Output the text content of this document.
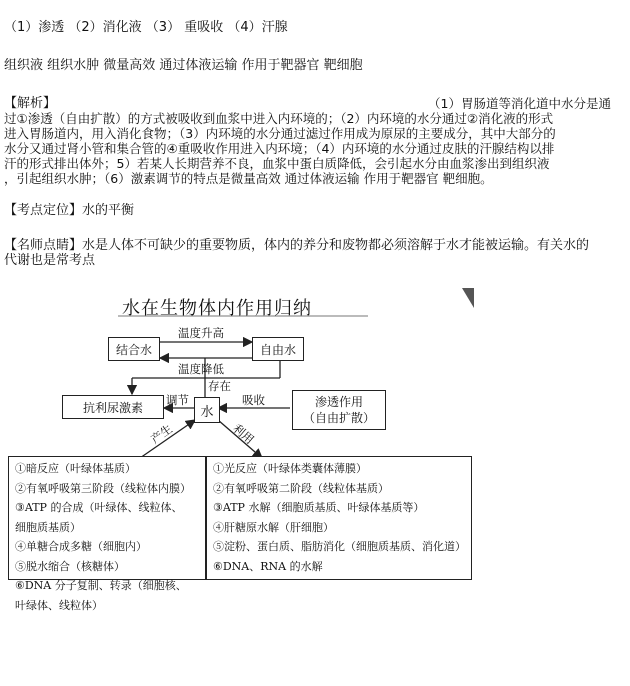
（1）渗透 （2）消化液 （3） 重吸收 （4）汗腺
组织液 组织水肿 微量高效 通过体液运输 作用于靶器官 靶细胞
【解析】	（1）胃肠道等消化道中水分是通
过①渗透（自由扩散）的方式被吸收到血浆中进入内环境的；（2）内环境的水分通过②消化液的形式
进入胃肠道内，用入消化食物；（3）内环境的水分通过滤过作用成为原尿的主要成分，其中大部分的
水分又通过肾小管和集合管的④重吸收作用进入内环境；（4）内环境的水分通过皮肤的汗腺结构以排
汗的形式排出体外；5）若某人长期营养不良，血浆中蛋白质降低，会引起水分由血浆渗出到组织液
，引起组织水肿；（6）激素调节的特点是微量高效 通过体液运输 作用于靶器官 靶细胞。
【考点定位】水的平衡
【名师点睛】水是人体不可缺少的重要物质，体内的养分和废物都必须溶解于水才能被运输。有关水的
代谢也是常考点
水在生物体内作用归纳
结合水	自由水
温度升高
温度降低
存在
水
抗利尿激素
调节	吸收	渗透作用
（自由扩散）
产生	利用
①暗反应（叶绿体基质）
②有氧呼吸第三阶段（线粒体内膜）
③ATP 的合成（叶绿体、线粒体、
细胞质基质）
④单糖合成多糖（细胞内）
⑤脱水缩合（核糖体）
⑥DNA 分子复制、转录（细胞核、
叶绿体、线粒体）
①光反应（叶绿体类囊体薄膜）
②有氧呼吸第二阶段（线粒体基质）
③ATP 水解（细胞质基质、叶绿体基质等）
④肝糖原水解（肝细胞）
⑤淀粉、蛋白质、脂肪消化（细胞质基质、消化道）
⑥DNA、RNA 的水解
